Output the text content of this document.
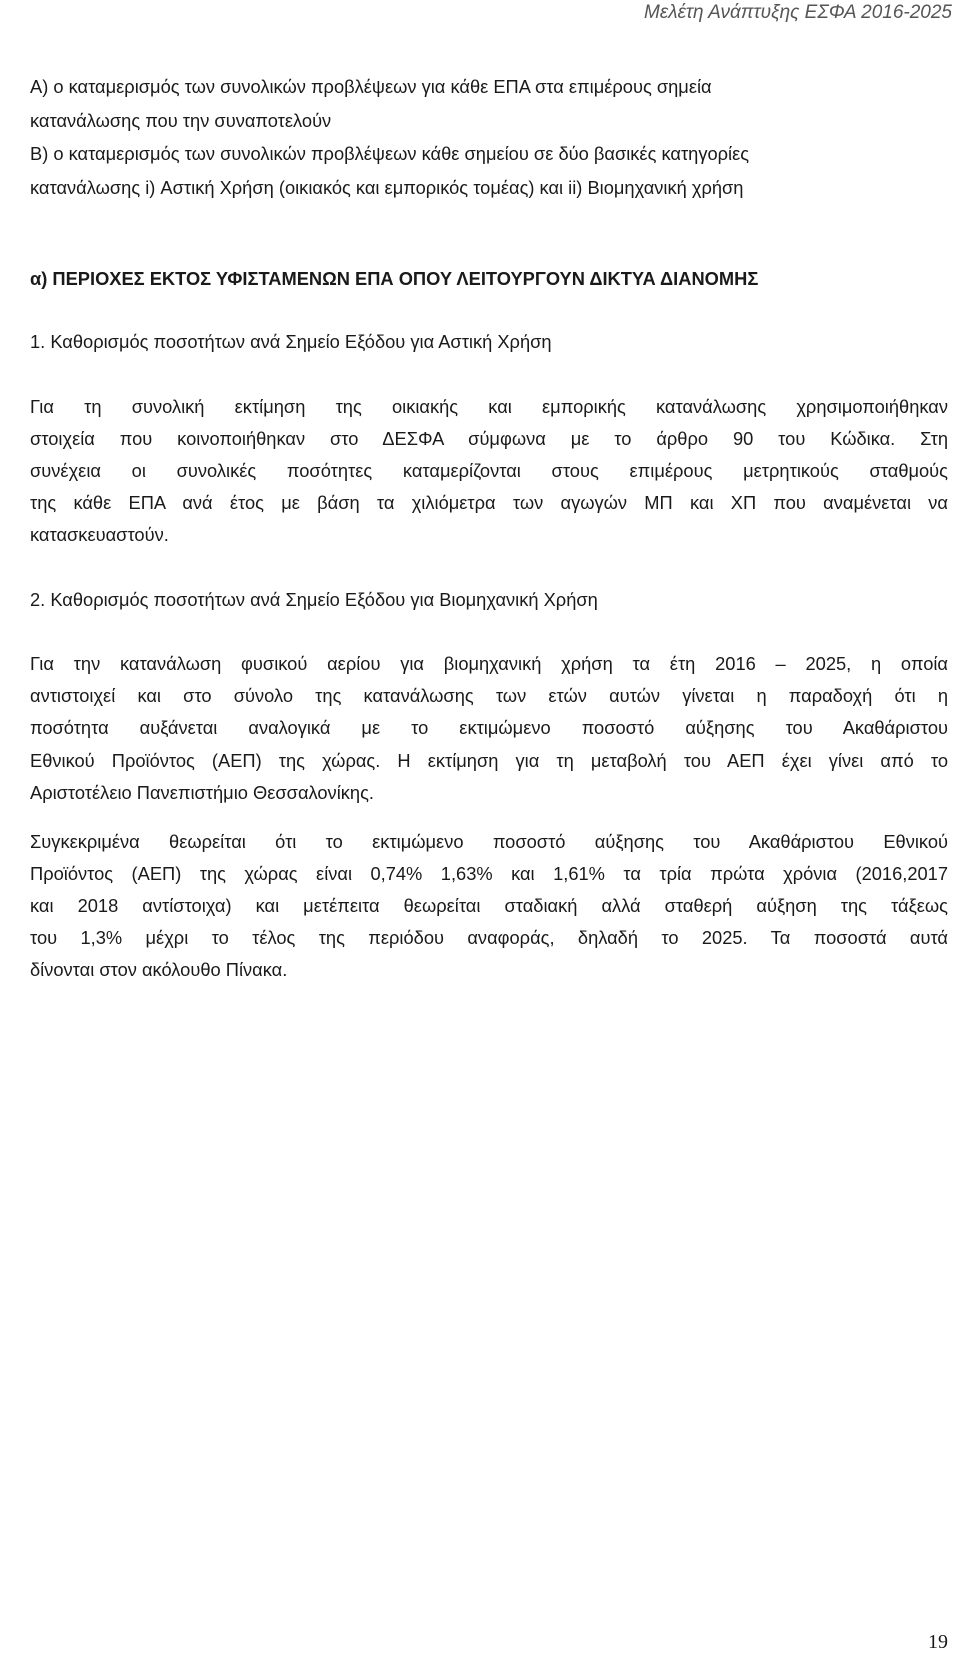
Μελέτη Ανάπτυξης ΕΣΦΑ 2016-2025
Α) ο καταμερισμός των συνολικών προβλέψεων για κάθε ΕΠΑ στα επιμέρους σημεία
κατανάλωσης που την συναποτελούν
Β) ο καταμερισμός των συνολικών προβλέψεων κάθε σημείου σε δύο βασικές κατηγορίες
κατανάλωσης i) Αστική Χρήση (οικιακός και εμπορικός τομέας) και ii) Βιομηχανική χρήση
α) ΠΕΡΙΟΧΕΣ ΕΚΤΟΣ ΥΦΙΣΤΑΜΕΝΩΝ ΕΠΑ ΟΠΟΥ ΛΕΙΤΟΥΡΓΟΥΝ ΔΙΚΤΥΑ ΔΙΑΝΟΜΗΣ
1. Καθορισμός ποσοτήτων ανά Σημείο Εξόδου για Αστική Χρήση
Για τη συνολική εκτίμηση της οικιακής και εμπορικής κατανάλωσης χρησιμοποιήθηκαν
στοιχεία που κοινοποιήθηκαν στο ΔΕΣΦΑ σύμφωνα με το άρθρο 90 του Κώδικα. Στη
συνέχεια οι συνολικές ποσότητες καταμερίζονται στους επιμέρους μετρητικούς σταθμούς
της κάθε ΕΠΑ ανά έτος με βάση τα χιλιόμετρα των αγωγών ΜΠ και ΧΠ που αναμένεται να
κατασκευαστούν.
2. Καθορισμός ποσοτήτων ανά Σημείο Εξόδου για Βιομηχανική Χρήση
Για την κατανάλωση φυσικού αερίου για βιομηχανική χρήση τα έτη 2016 – 2025, η οποία
αντιστοιχεί και στο σύνολο της κατανάλωσης των ετών αυτών γίνεται η παραδοχή ότι η
ποσότητα αυξάνεται αναλογικά με το εκτιμώμενο ποσοστό αύξησης του Ακαθάριστου
Εθνικού Προϊόντος (ΑΕΠ) της χώρας. Η εκτίμηση για τη μεταβολή του ΑΕΠ έχει γίνει από το
Αριστοτέλειο Πανεπιστήμιο Θεσσαλονίκης.
Συγκεκριμένα θεωρείται ότι το εκτιμώμενο ποσοστό αύξησης του Ακαθάριστου Εθνικού
Προϊόντος (ΑΕΠ) της χώρας είναι 0,74% 1,63% και 1,61% τα τρία πρώτα χρόνια (2016,2017
και 2018 αντίστοιχα) και μετέπειτα θεωρείται σταδιακή αλλά σταθερή αύξηση της τάξεως
του 1,3% μέχρι το τέλος της περιόδου αναφοράς, δηλαδή το 2025. Τα ποσοστά αυτά
δίνονται στον ακόλουθο Πίνακα.
19
